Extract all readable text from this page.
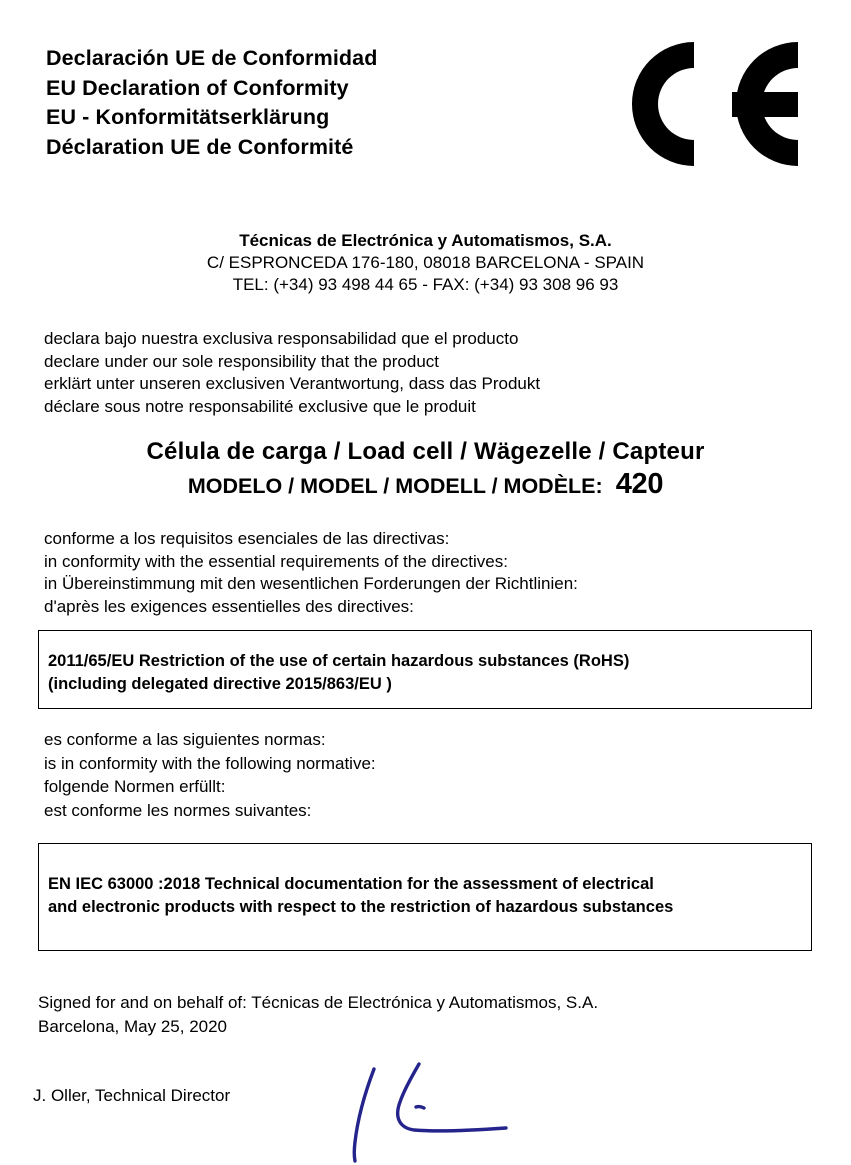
Declaración UE de Conformidad
EU Declaration of Conformity
EU - Konformitätserklärung
Déclaration UE de Conformité
Técnicas de Electrónica y Automatismos, S.A.
C/ ESPRONCEDA 176-180, 08018 BARCELONA - SPAIN
TEL: (+34) 93 498 44 65 - FAX: (+34) 93 308 96 93
declara bajo nuestra exclusiva responsabilidad que el producto
declare under our sole responsibility that the product
erklärt unter unseren exclusiven Verantwortung, dass das Produkt
déclare sous notre responsabilité exclusive que le produit
Célula de carga / Load cell / Wägezelle / Capteur
MODELO / MODEL / MODELL / MODÈLE: 420
conforme a los requisitos esenciales de las directivas:
in conformity with the essential requirements of the directives:
in Übereinstimmung mit den wesentlichen Forderungen der Richtlinien:
d'après les exigences essentielles des directives:
2011/65/EU Restriction of the use of certain hazardous substances (RoHS)
(including delegated directive 2015/863/EU )
es conforme a las siguientes normas:
is in conformity with the following normative:
folgende Normen erfüllt:
est conforme les normes suivantes:
EN IEC 63000 :2018 Technical documentation for the assessment of electrical
and electronic products with respect to the restriction of hazardous substances
Signed for and on behalf of: Técnicas de Electrónica y Automatismos, S.A.
Barcelona, May 25, 2020
J. Oller, Technical Director
